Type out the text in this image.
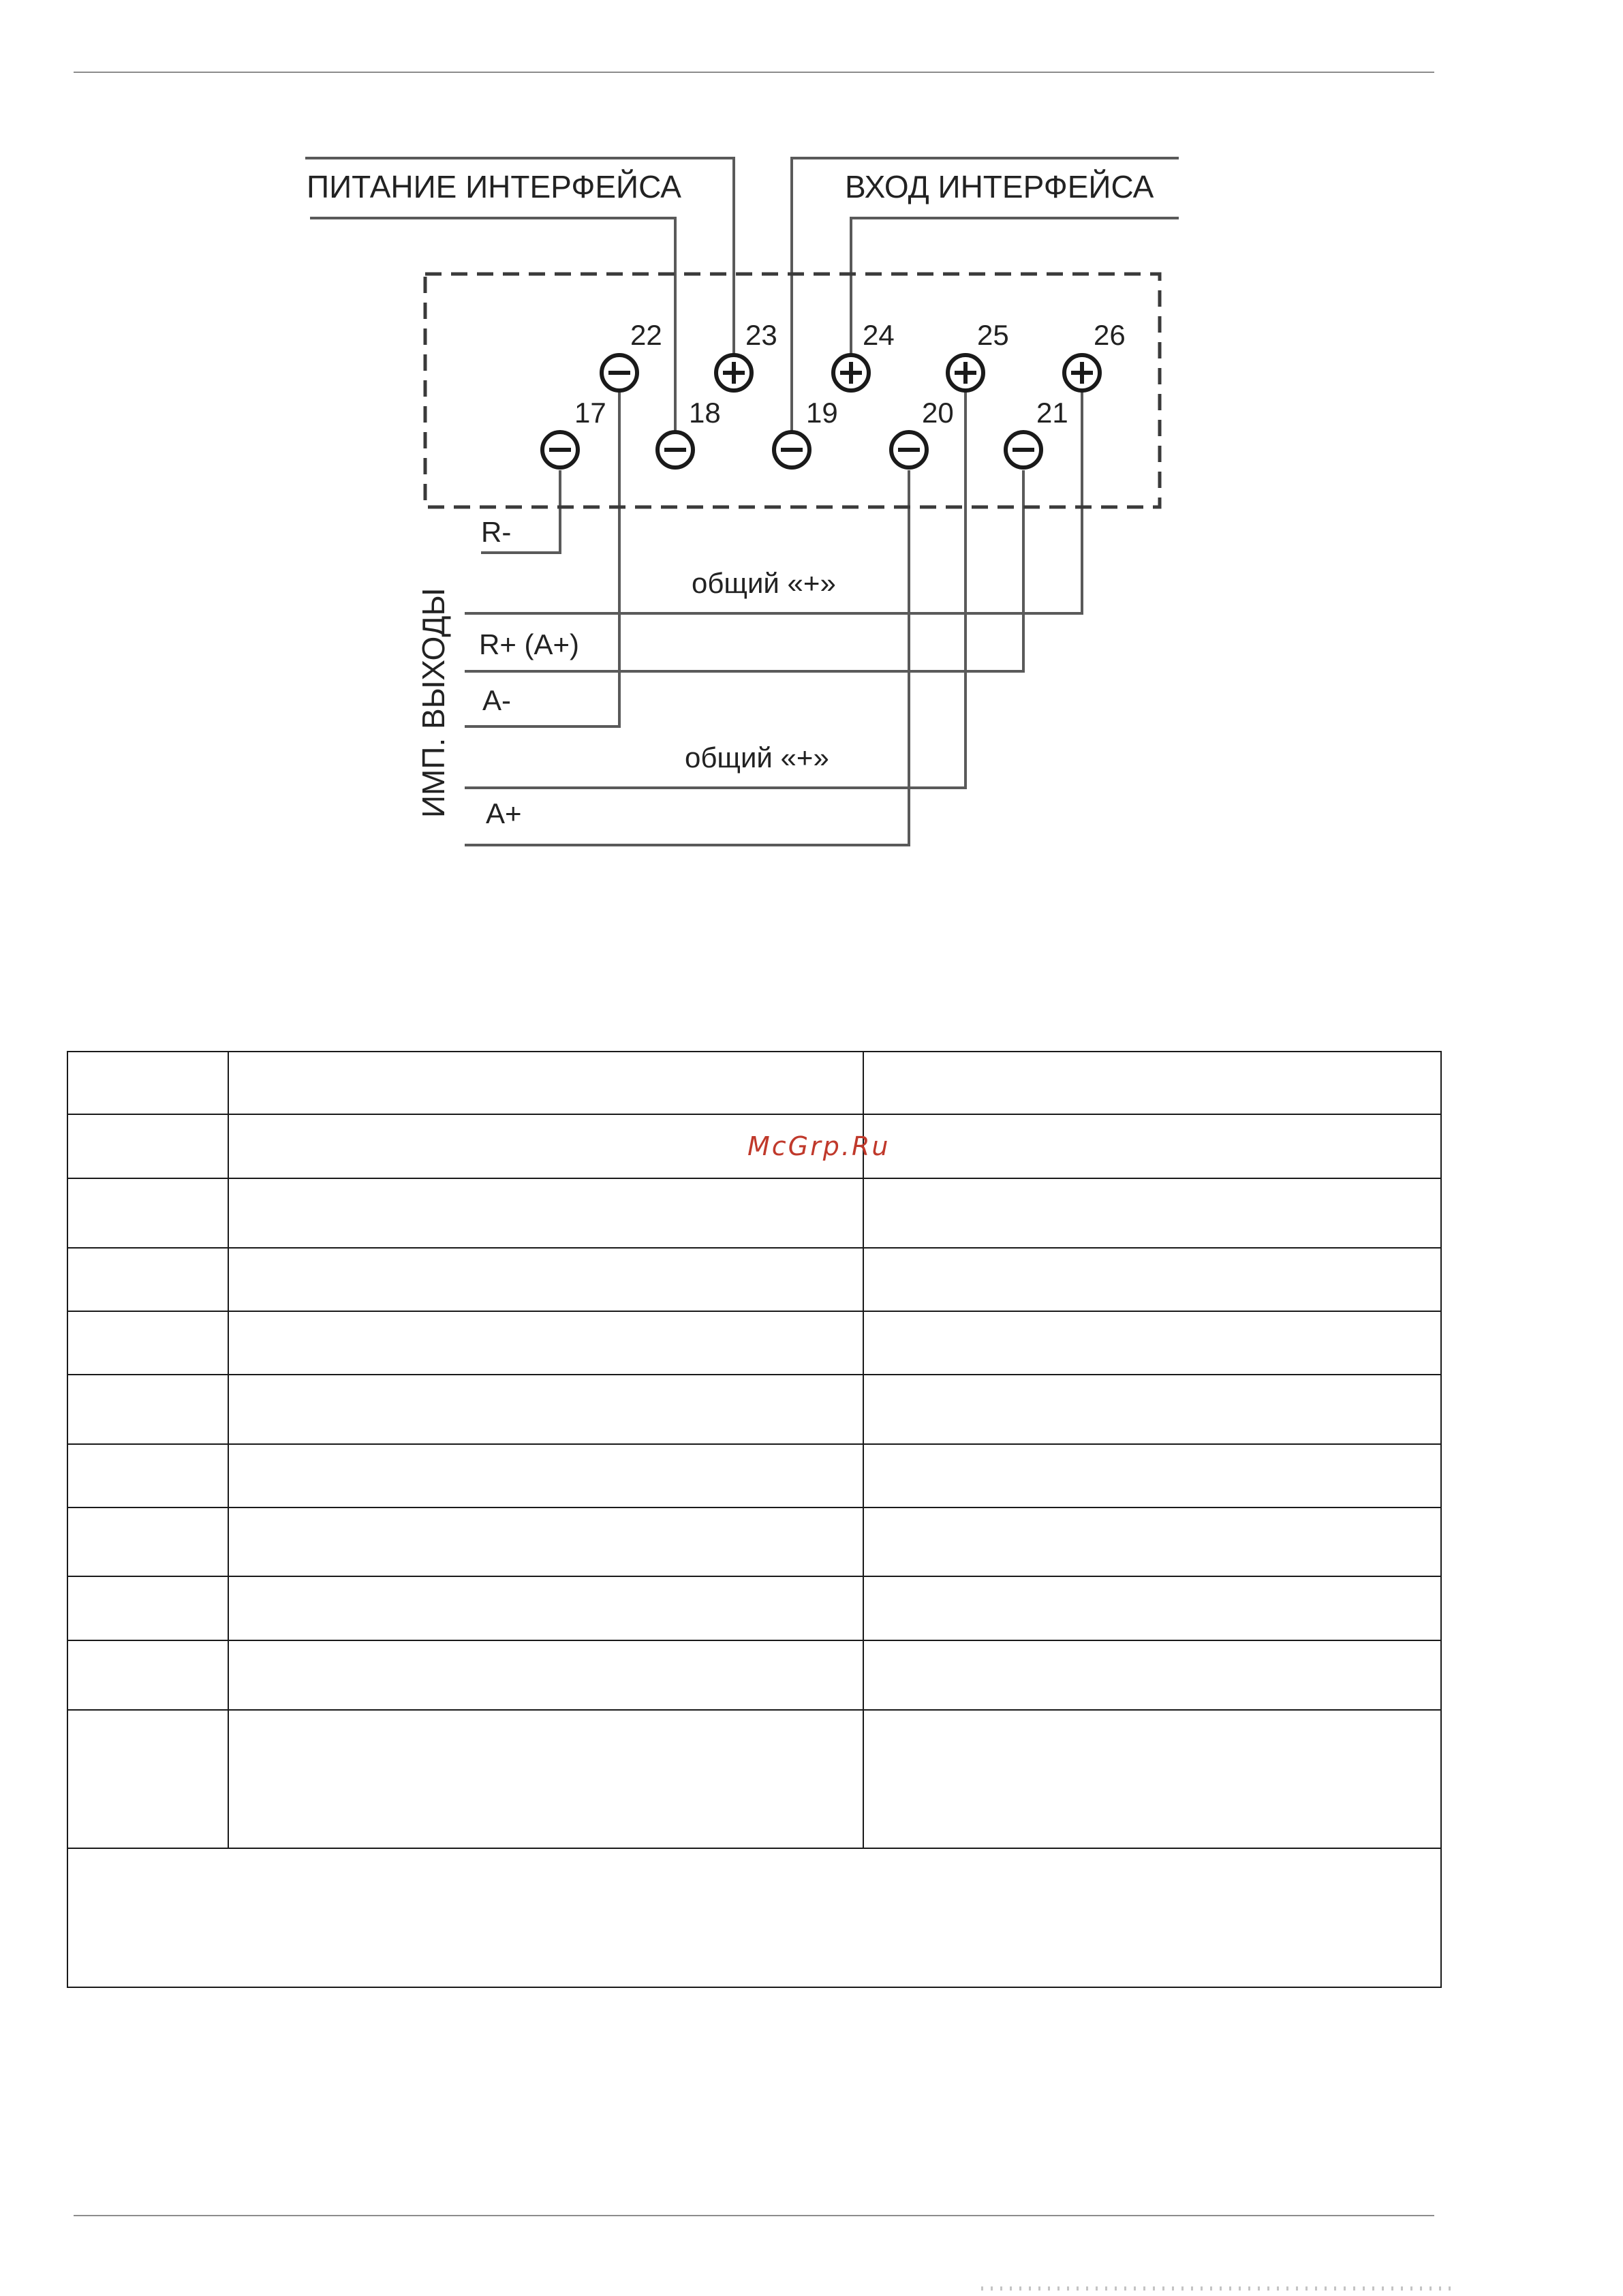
17	18	19	20	21
22	23	24	25	26
ПИТАНИЕ ИНТЕРФЕЙСА	ВХОД ИНТЕРФЕЙСА
R-
общий «+»
R+ (А+)
А-
общий «+»
А+
ИМП. ВЫХОДЫ

McGrp.Ru
